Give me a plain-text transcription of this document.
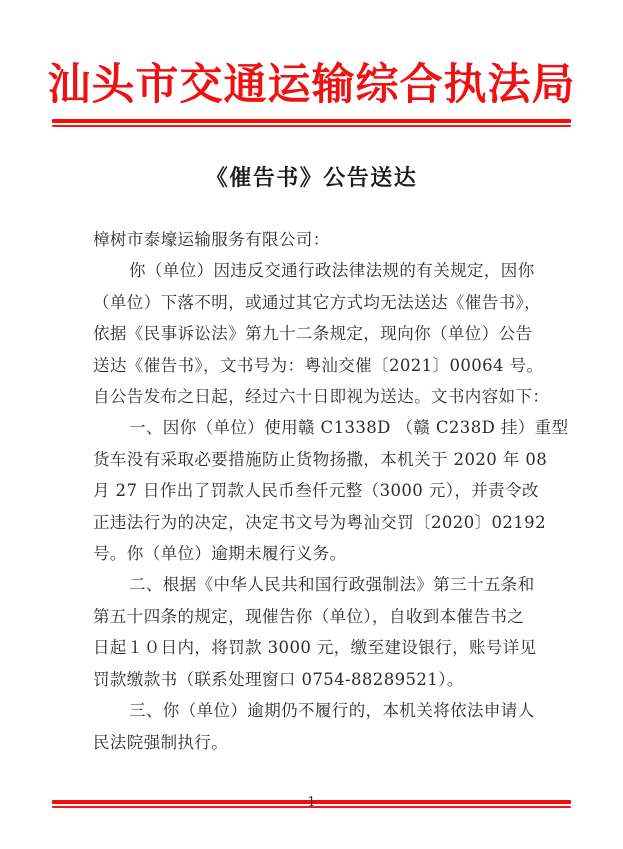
汕头市交通运输综合执法局
《催告书》公告送达
樟树市泰壕运输服务有限公司：
你（单位）因违反交通行政法律法规的有关规定，因你
（单位）下落不明，或通过其它方式均无法送达《催告书》，
依据《民事诉讼法》第九十二条规定，现向你（单位）公告
送达《催告书》，文书号为：粤汕交催〔2021〕00064 号。
自公告发布之日起，经过六十日即视为送达。文书内容如下：
一、因你（单位）使用赣 C1338D （赣 C238D 挂）重型
货车没有采取必要措施防止货物扬撒，本机关于 2020 年 08
月 27 日作出了罚款人民币叁仟元整（3000 元），并责令改
正违法行为的决定，决定书文号为粤汕交罚〔2020〕02192
号。你（单位）逾期未履行义务。
二、根据《中华人民共和国行政强制法》第三十五条和
第五十四条的规定，现催告你（单位），自收到本催告书之
日起１０日内，将罚款 3000 元，缴至建设银行，账号详见
罚款缴款书（联系处理窗口 0754-88289521）。
三、你（单位）逾期仍不履行的，本机关将依法申请人
民法院强制执行。
1
